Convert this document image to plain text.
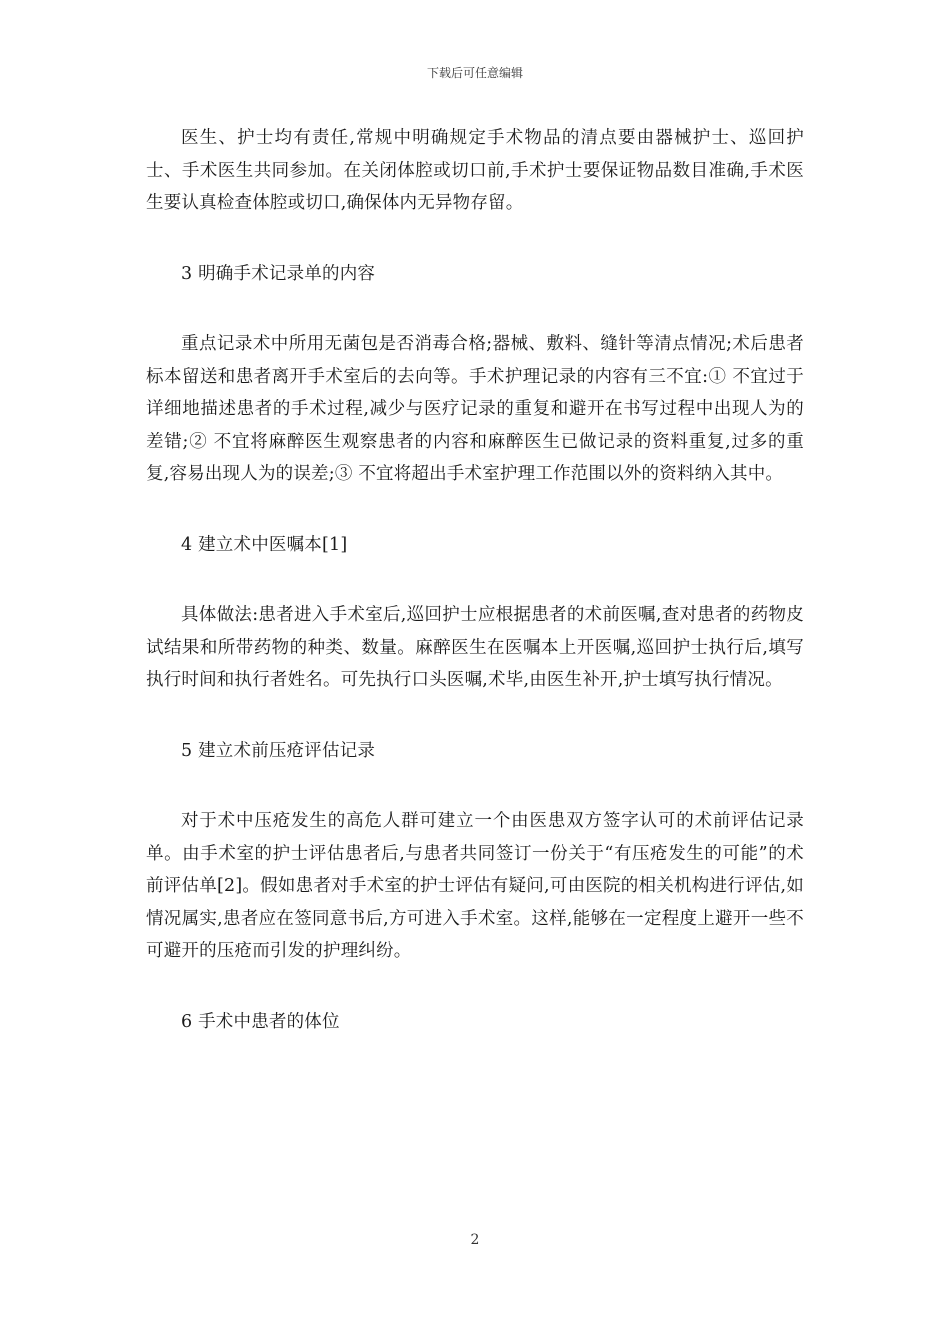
下载后可任意编辑

医生、护士均有责任,常规中明确规定手术物品的清点要由器械护士、巡回护士、手术医生共同参加。在关闭体腔或切口前,手术护士要保证物品数目准确,手术医生要认真检查体腔或切口,确保体内无异物存留。

3 明确手术记录单的内容

重点记录术中所用无菌包是否消毒合格;器械、敷料、缝针等清点情况;术后患者标本留送和患者离开手术室后的去向等。手术护理记录的内容有三不宜:① 不宜过于详细地描述患者的手术过程,减少与医疗记录的重复和避开在书写过程中出现人为的差错;② 不宜将麻醉医生观察患者的内容和麻醉医生已做记录的资料重复,过多的重复,容易出现人为的误差;③ 不宜将超出手术室护理工作范围以外的资料纳入其中。

4 建立术中医嘱本[1]

具体做法:患者进入手术室后,巡回护士应根据患者的术前医嘱,查对患者的药物皮试结果和所带药物的种类、数量。麻醉医生在医嘱本上开医嘱,巡回护士执行后,填写执行时间和执行者姓名。可先执行口头医嘱,术毕,由医生补开,护士填写执行情况。

5 建立术前压疮评估记录

对于术中压疮发生的高危人群可建立一个由医患双方签字认可的术前评估记录单。由手术室的护士评估患者后,与患者共同签订一份关于“有压疮发生的可能”的术前评估单[2]。假如患者对手术室的护士评估有疑问,可由医院的相关机构进行评估,如情况属实,患者应在签同意书后,方可进入手术室。这样,能够在一定程度上避开一些不可避开的压疮而引发的护理纠纷。

6 手术中患者的体位

2
